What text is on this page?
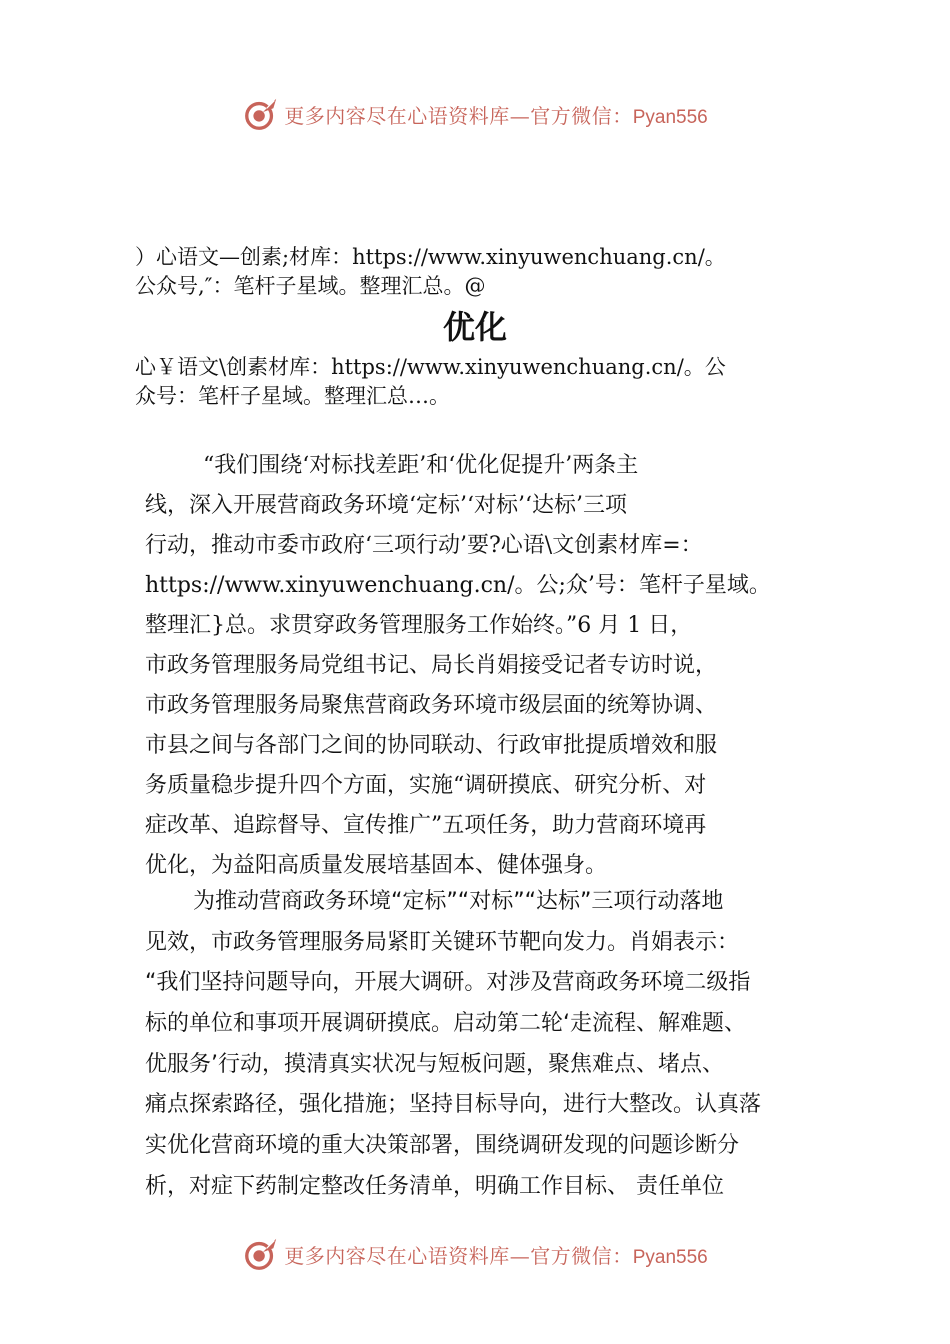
更多内容尽在心语资料库—官方微信：Pyan556
）心语文—创素;材库：https://www.xinyuwenchuang.cn/。
公众号,″：笔杆子星域。整理汇总。@
优化
心￥语文\创素材库：https://www.xinyuwenchuang.cn/。公
众号：笔杆子星域。整理汇总…。
“我们围绕‘对标找差距’和‘优化促提升’两条主
线，深入开展营商政务环境‘定标’‘对标’‘达标’三项
行动，推动市委市政府‘三项行动’要?心语\文创素材库=：
https://www.xinyuwenchuang.cn/。公;众’号：笔杆子星域。
整理汇}总。求贯穿政务管理服务工作始终。”6 月 1 日，
市政务管理服务局党组书记、局长肖娟接受记者专访时说，
市政务管理服务局聚焦营商政务环境市级层面的统筹协调、
市县之间与各部门之间的协同联动、行政审批提质增效和服
务质量稳步提升四个方面，实施“调研摸底、研究分析、对
症改革、追踪督导、宣传推广”五项任务，助力营商环境再
优化，为益阳高质量发展培基固本、健体强身。
为推动营商政务环境“定标”“对标”“达标”三项行动落地
见效，市政务管理服务局紧盯关键环节靶向发力。肖娟表示：
“我们坚持问题导向，开展大调研。对涉及营商政务环境二级指
标的单位和事项开展调研摸底。启动第二轮‘走流程、解难题、
优服务’行动，摸清真实状况与短板问题，聚焦难点、堵点、
痛点探索路径，强化措施；坚持目标导向，进行大整改。认真落
实优化营商环境的重大决策部署，围绕调研发现的问题诊断分
析，对症下药制定整改任务清单，明确工作目标、 责任单位
更多内容尽在心语资料库—官方微信：Pyan556
